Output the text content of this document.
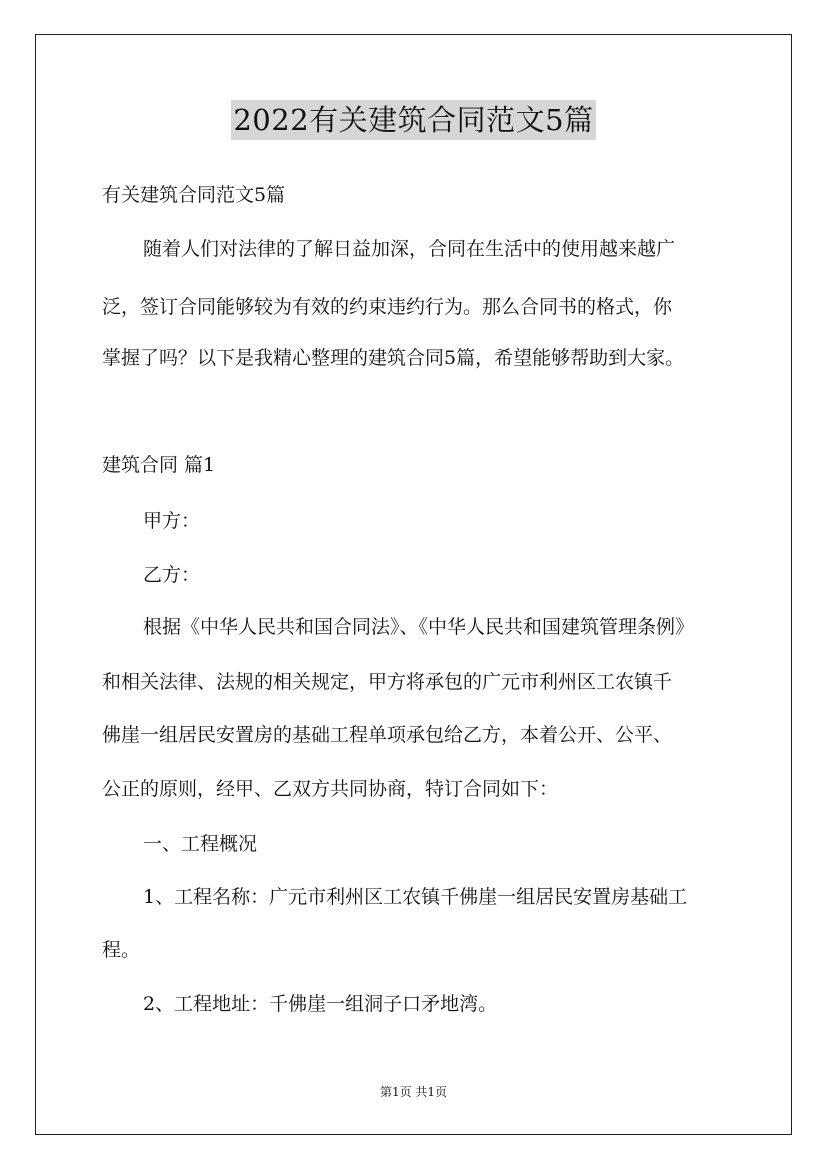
2022有关建筑合同范文5篇
有关建筑合同范文5篇
随着人们对法律的了解日益加深，合同在生活中的使用越来越广
泛，签订合同能够较为有效的约束违约行为。那么合同书的格式，你
掌握了吗？以下是我精心整理的建筑合同5篇，希望能够帮助到大家。
建筑合同 篇1
甲方：
乙方：
根据《中华人民共和国合同法》、《中华人民共和国建筑管理条例》
和相关法律、法规的相关规定，甲方将承包的广元市利州区工农镇千
佛崖一组居民安置房的基础工程单项承包给乙方，本着公开、公平、
公正的原则，经甲、乙双方共同协商，特订合同如下：
一、工程概况
1、工程名称：广元市利州区工农镇千佛崖一组居民安置房基础工
程。
2、工程地址：千佛崖一组洞子口矛地湾。
第1页 共1页
